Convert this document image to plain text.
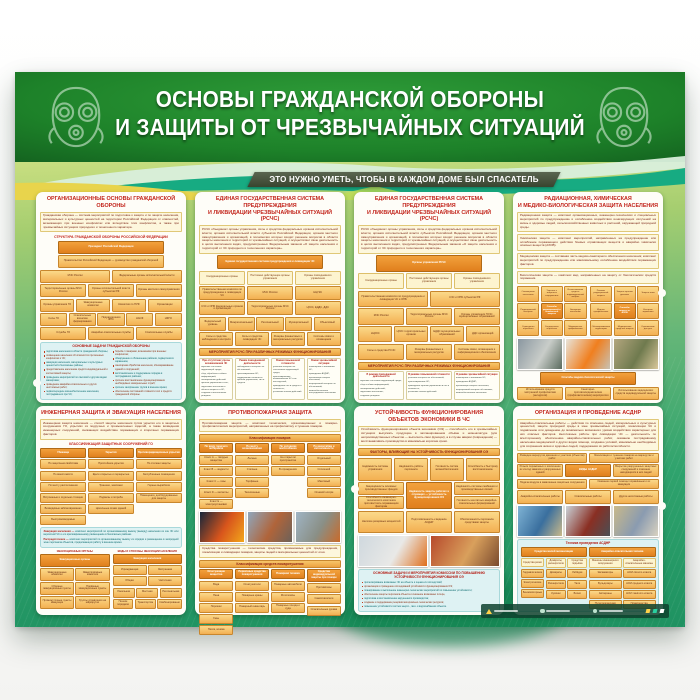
ОСНОВЫ ГРАЖДАНСКОЙ ОБОРОНЫ
И ЗАЩИТЫ ОТ ЧРЕЗВЫЧАЙНЫХ СИТУАЦИЙ
ЭТО НУЖНО УМЕТЬ, ЧТОБЫ В КАЖДОМ ДОМЕ БЫЛ СПАСАТЕЛЬ
ОРГАНИЗАЦИОННЫЕ ОСНОВЫ ГРАЖДАНСКОЙ ОБОРОНЫ
Гражданская оборона — система мероприятий по подготовке к защите и по защите населения, материальных и культурных ценностей на территории Российской Федерации от опасностей, возникающих при военных конфликтах или вследствие этих конфликтов, а также при чрезвычайных ситуациях природного и техногенного характера.
СТРУКТУРА ГРАЖДАНСКОЙ ОБОРОНЫ РОССИЙСКОЙ ФЕДЕРАЦИИ
Президент Российской Федерации
Правительство Российской Федерации — руководство гражданской обороной
МЧС России	Федеральные органы исполнительной власти
Территориальные органы МЧС России
Органы исполнительной власти субъектов РФ	Органы местного самоуправления
Органы управления ГО	Эвакуационные комиссии	Комиссии по ПУФ	Организации
Силы ГО
Спасательные воинские формирования
Подразделения ФПС	НАСФ	НФГО
Службы ГО	Аварийно-спасательные службы	Спасательные службы
ОСНОВНЫЕ ЗАДАЧИ ГРАЖДАНСКОЙ ОБОРОНЫ
подготовка населения в области гражданской обороны;
оповещение населения об опасностях при военных конфликтах и ЧС;
эвакуация населения, материальных и культурных ценностей в безопасные районы;
предоставление населению средств индивидуальной и коллективной защиты;
проведение мероприятий по световой и другим видам маскировки;
проведение аварийно-спасательных и других неотложных работ;
первоочередное жизнеобеспечение населения, пострадавшего при ЧС;
борьба с пожарами, возникшими при военных конфликтах;
обнаружение и обозначение районов, подвергшихся заражению;
санитарная обработка населения, обеззараживание зданий и сооружений;
восстановление и поддержание порядка в пострадавших районах;
срочное восстановление функционирования необходимых коммунальных служб;
срочное захоронение трупов в военное время;
обеспечение постоянной готовности сил и средств гражданской обороны.
ЕДИНАЯ ГОСУДАРСТВЕННАЯ СИСТЕМА ПРЕДУПРЕЖДЕНИЯ
И ЛИКВИДАЦИИ ЧРЕЗВЫЧАЙНЫХ СИТУАЦИЙ (РСЧС)
РСЧС объединяет органы управления, силы и средства федеральных органов исполнительной власти, органов исполнительной власти субъектов Российской Федерации, органов местного самоуправления и организаций, в полномочия которых входит решение вопросов в области защиты населения и территорий от чрезвычайных ситуаций, и осуществляет свою деятельность в целях выполнения задач, предусмотренных Федеральным законом «О защите населения и территорий от ЧС природного и техногенного характера».
Единая государственная система предупреждения и ликвидации ЧС
Координационные органы	Постоянно действующие органы управления
Органы повседневного управления
Правительственная комиссия по предупреждению и ликвидации ЧС
МЧС России	НЦУКС
КЧС и ОПБ федеральных органов и организаций
Территориальные органы МЧС России	ЦУКС, ЕДДС, ДДС
Федеральный уровень	Межрегиональный	Региональный	Муниципальный	Объектовый
Силы и средства наблюдения и контроля
Силы и средства ликвидации ЧС
Резервы финансовых и материальных ресурсов
Системы связи и оповещения
МЕРОПРИЯТИЯ РСЧС ПРИ РАЗЛИЧНЫХ РЕЖИМАХ ФУНКЦИОНИРОВАНИЯ
При отсутствии угрозы возникновения ЧС
изучение состояния окружающей среды;
сбор, обработка и обмен информацией;
планирование действий органов управления и сил;
подготовка населения в области защиты от ЧС;
создание и восполнение резервов
Режим повседневной деятельности
наблюдение и контроль за обстановкой;
прогнозирование ЧС;
поддержание готовности органов управления, сил и средств
Режим повышенной готовности
усиление контроля за состоянием окружающей среды;
прогнозирование возникновения ЧС и их последствий;
приведение сил и средств в готовность;
уточнение планов действий
Режим чрезвычайной ситуации
оповещение о возникших ЧС;
проведение АСДНР;
организация защиты населения;
непрерывный контроль за обстановкой;
жизнеобеспечение пострадавшего населения
ЕДИНАЯ ГОСУДАРСТВЕННАЯ СИСТЕМА ПРЕДУПРЕЖДЕНИЯ
И ЛИКВИДАЦИИ ЧРЕЗВЫЧАЙНЫХ СИТУАЦИЙ (РСЧС)
РСЧС объединяет органы управления, силы и средства федеральных органов исполнительной власти, органов исполнительной власти субъектов Российской Федерации, органов местного самоуправления и организаций, в полномочия которых входит решение вопросов в области защиты населения и территорий от чрезвычайных ситуаций, и осуществляет свою деятельность в целях выполнения задач, предусмотренных Федеральным законом «О защите населения и территорий от ЧС природного и техногенного характера».
Органы управления РСЧС
Координационные органы	Постоянно действующие органы управления
Органы повседневного управления
Правительственная комиссия по предупреждению и ликвидации ЧС и ОПБ	КЧС и ОПБ субъектов РФ
МЧС России	Территориальные органы МЧС России
Органы управления ГОЧС муниципальных образований
НЦУКС	ЦУКС территориальных органов
ЕДДС муниципальных образований	ДДС организаций
Силы и средства РСЧС	Резервы финансовых и материальных ресурсов
Системы связи, оповещения и информационного обеспечения
МЕРОПРИЯТИЯ РСЧС ПРИ РАЗЛИЧНЫХ РЕЖИМАХ ФУНКЦИОНИРОВАНИЯ
В режиме повседневной деятельности
изучение состояния окружающей среды;
сбор и обмен информацией;
планирование действий;
подготовка населения;
создание резервов
В режиме повышенной готовности
усиление контроля за обстановкой;
прогнозирование ЧС;
приведение органов управления и сил в готовность;
уточнение планов действий
В режиме чрезвычайной ситуации
оповещение о возникших ЧС;
проведение АСДНР;
организация защиты населения;
непрерывный контроль обстановки;
жизнеобеспечение населения
РАДИАЦИОННАЯ, ХИМИЧЕСКАЯ
И МЕДИКО-БИОЛОГИЧЕСКАЯ ЗАЩИТА НАСЕЛЕНИЯ
Радиационная защита — комплекс организационных, инженерно-технических и специальных мероприятий по предупреждению и ослаблению воздействия ионизирующих излучений на жизнь и здоровье людей, сельскохозяйственных животных и растений, окружающей природной среды.
Химическая защита — комплекс мероприятий, направленных на предупреждение или ослабление поражающего действия боевых отравляющих веществ и аварийно химически опасных веществ (АХОВ).
Медицинская защита — составная часть медико-санитарного обеспечения населения; комплекс мероприятий по предупреждению или максимальному ослаблению воздействия поражающих факторов.
Биологическая защита — комплекс мер, направленных на защиту от биологических средств поражения.
Оповещение населения
Укрытие в защитных сооружениях
Использование средств индивидуальной защиты
Радиационный контроль
Способы радиационной и химической защиты
Эвакуация населения
Санитарная обработка
Специальная обработка
Медицинская профилактика
Режимы радиационной защиты
Защита органов дыхания
Защита кожи
Йодная профилактика
Способы защиты от АХОВ
Контроль заражения
Обеззараживание территории
Медицинские средства защиты
Ограничение доступа
Способы медико-биологической защиты
Использование средств экстренной профилактики (антидотов)
Санитарно-противоэпидемические (профилактические) мероприятия
Использование медицинских средств индивидуальной защиты
ИНЖЕНЕРНАЯ ЗАЩИТА И ЭВАКУАЦИЯ НАСЕЛЕНИЯ
Инженерная защита населения — способ защиты населения путём укрытия его в защитных сооружениях ГО, укрытиях из подручных и промышленных изделий, а также возведения инженерных сооружений, снижающих воздействие поражающих и вторичных поражающих факторов.
КЛАССИФИКАЦИЯ ЗАЩИТНЫХ СООРУЖЕНИЙ ГО
Убежища
По защитным свойствам
По вместимости
По месту расположения
Встроенные и отдельно стоящие
Возводимые заблаговременно
Быстровозводимые
Укрытия
Простейшие укрытия
Щели открытые и перекрытые
Траншеи, землянки
Подвалы и погреба
Цокольные этажи зданий
Противорадиационные укрытия
По степени защиты
Заглубленные помещения
Горные выработки
Помещения, дооборудованные для защиты
Эвакуация населения — комплекс мероприятий по организованному вывозу (выводу) населения из зон ЧС или вероятной ЧС и его кратковременному размещению в безопасных районах.
Рассредоточение — комплекс мероприятий по организованному вывозу из городов и размещению в загородной зоне персонала объектов, продолжающих работу в военное время.
ЭВАКУАЦИОННЫЕ ОРГАНЫ
Эвакуационные органы
Эвакуационные комиссии
Эвакоприёмные комиссии
Сборные эвакуационные пункты
Приёмные эвакуационные пункты
Промежуточные пункты эвакуации
Группы управления на маршрутах
ВИДЫ И СПОСОБЫ ЭВАКУАЦИИ НАСЕЛЕНИЯ
Эвакуация населения
Упреждающая	Экстренная
Общая	Частичная
Локальная	Местная	Региональная
Пешим порядком	Транспортом	Комбинированно
ПРОТИВОПОЖАРНАЯ ЗАЩИТА
Противопожарная защита — комплекс технических, организационных и пожарно-профилактических мероприятий, направленных на профилактику и тушение пожаров.
Классификация пожаров
По виду горючего материала
Класс А — твёрдые вещества
Класс В — жидкости
Класс С — газы
Класс D — металлы
Класс Е — электроустановки
По месту возникновения
Лесные
Степные
Торфяные
Техногенные
По условиям массообмена
На открытом пространстве
В ограждениях
По масштабам и интенсивности
Отдельный
Сплошной
Массовый
Огневой шторм
Средства пожаротушения — технические средства, применяемые для предупреждения, локализации и ликвидации пожаров, защиты людей и материальных ценностей от огня.
Классификация средств пожаротушения
Огнетушащие вещества
Вода
Пена
Порошки
Газы
Песок, кошма
Первичные средства пожаротушения
Огнетушители
Пожарные краны
Пожарный инвентарь
Пожарная техника
Пожарные автомобили
Мотопомпы
Пожарные поезда и суда
Средства индивидуальной защиты при пожаре
Противогазы
Самоспасатели
Спасательные рукава
УСТОЙЧИВОСТЬ ФУНКЦИОНИРОВАНИЯ
ОБЪЕКТОВ ЭКОНОМИКИ В ЧС
Устойчивость функционирования объекта экономики (ОЭ) — способность его в чрезвычайных ситуациях выпускать продукцию в запланированном объёме и номенклатуре (для непроизводственных объектов — выполнять свои функции), а в случае аварии (повреждения) — восстанавливать производство в минимально короткие сроки.
ФАКТОРЫ, ВЛИЯЮЩИЕ НА УСТОЙЧИВОСТЬ ФУНКЦИОНИРОВАНИЯ ОЭ
Надёжность системы управления
Надёжность работы персонала
Готовность систем жизнеобеспечения
Способность к быстрому восстановлению
Защищённость основных производственных фондов
Способность инженерно-технического комплекса противостоять поражающим факторам
Надёжность защиты рабочих и служащих — устойчивость функционирования ОЭ
Надёжность системы снабжения и производственных связей
Готовность нештатных аварийно-спасательных формирований
Наличие резервных мощностей	Подготовленность к ведению АСДНР
Обеспеченность персонала средствами защиты
ОСНОВНЫЕ ЗАДАЧИ И МЕРОПРИЯТИЯ КОМИССИИ ПО ПОВЫШЕНИЮ УСТОЙЧИВОСТИ ФУНКЦИОНИРОВАНИЯ ОЭ
прогнозирование возможных ЧС на объекте и оценка их последствий;
организация и проведение исследований устойчивости функционирования ОЭ;
планирование и выполнение инженерно-технических мероприятий по повышению устойчивости;
обеспечение защиты персонала объекта и снижение возможных потерь;
подготовка к восстановлению нарушенного производства;
создание и поддержание резервов материально-технических ресурсов;
повышение устойчивости систем энерго-, газо- и водоснабжения объекта.
ОРГАНИЗАЦИЯ И ПРОВЕДЕНИЕ АСДНР
Аварийно-спасательные работы — действия по спасению людей, материальных и культурных ценностей, защите природной среды в зоне чрезвычайных ситуаций, локализации ЧС и подавлению или доведению до минимально возможного уровня воздействия характерных для них опасных факторов. Неотложные работы при ликвидации ЧС — деятельность по всестороннему обеспечению аварийно-спасательных работ, оказанию пострадавшему населению медицинской и других видов помощи, созданию условий, минимально необходимых для сохранения жизни и здоровья людей, поддержания их работоспособности.
Разведка маршрутов движения и участков (объектов) работ
Локализация и тушение пожаров на маршрутах и участках работ
Розыск поражённых и извлечение их из-под завалов и разрушенных зданий
ВИДЫ АСДНР
Вскрытие разрушенных защитных сооружений и спасение находящихся в них людей
Подача воздуха в заваленные защитные сооружения	Оказание первой помощи поражённым и их эвакуация
Аварийно-спасательные работы	Спасательные работы	Другие неотложные работы
Техника проведения АСДНР
Средства малой механизации
Средства резки
Гидравлические
Электрические
Бензомоторные
Домкраты, расширители
Домкраты
Расширители
Кусачки
Средства подъёма
Лебёдки
Тали
Блоки
Аварийно-спасательная техника
Машины инженерного вооружения
Экскаваторы
Бульдозеры
Автокраны
Аварийно-спасательные машины
АСМ лёгкого класса
АСМ среднего класса
АСМ тяжёлого класса
